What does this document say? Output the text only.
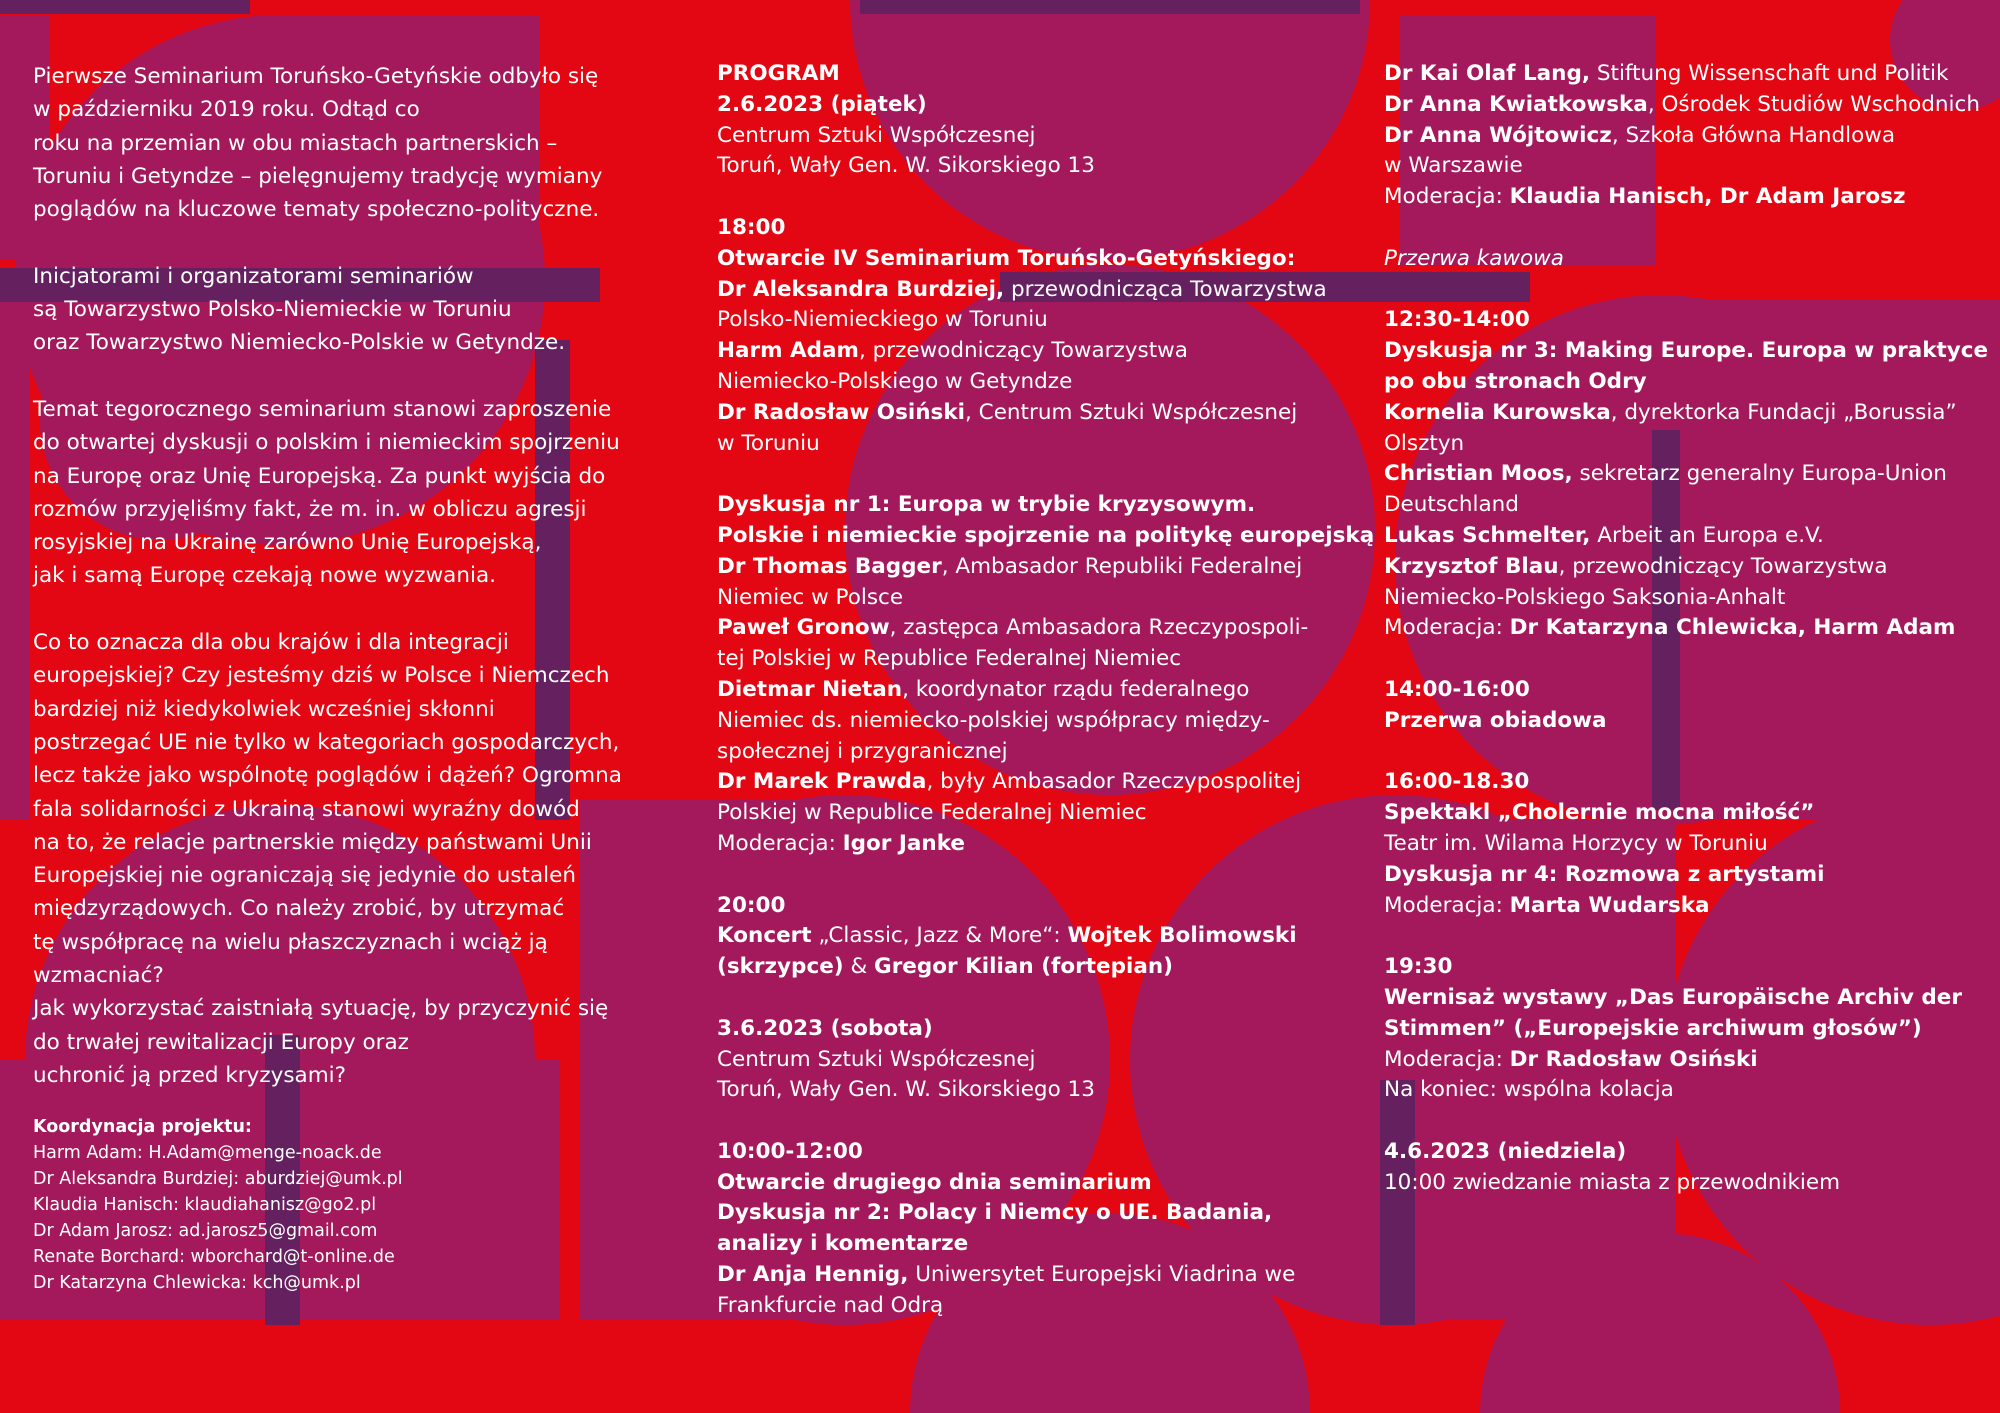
Pierwsze Seminarium Toruńsko-Getyńskie odbyło się
w październiku 2019 roku. Odtąd co
roku na przemian w obu miastach partnerskich –
Toruniu i Getyndze – pielęgnujemy tradycję wymiany
poglądów na kluczowe tematy społeczno-polityczne.
Inicjatorami i organizatorami seminariów
są Towarzystwo Polsko-Niemieckie w Toruniu
oraz Towarzystwo Niemiecko-Polskie w Getyndze.
Temat tegorocznego seminarium stanowi zaproszenie
do otwartej dyskusji o polskim i niemieckim spojrzeniu
na Europę oraz Unię Europejską. Za punkt wyjścia do
rozmów przyjęliśmy fakt, że m. in. w obliczu agresji
rosyjskiej na Ukrainę zarówno Unię Europejską,
jak i samą Europę czekają nowe wyzwania.
Co to oznacza dla obu krajów i dla integracji
europejskiej? Czy jesteśmy dziś w Polsce i Niemczech
bardziej niż kiedykolwiek wcześniej skłonni
postrzegać UE nie tylko w kategoriach gospodarczych,
lecz także jako wspólnotę poglądów i dążeń? Ogromna
fala solidarności z Ukrainą stanowi wyraźny dowód
na to, że relacje partnerskie między państwami Unii
Europejskiej nie ograniczają się jedynie do ustaleń
międzyrządowych. Co należy zrobić, by utrzymać
tę współpracę na wielu płaszczyznach i wciąż ją
wzmacniać?
Jak wykorzystać zaistniałą sytuację, by przyczynić się
do trwałej rewitalizacji Europy oraz
uchronić ją przed kryzysami?
Koordynacja projektu:
Harm Adam: H.Adam@menge-noack.de
Dr Aleksandra Burdziej: aburdziej@umk.pl
Klaudia Hanisch: klaudiahanisz@go2.pl
Dr Adam Jarosz: ad.jarosz5@gmail.com
Renate Borchard: wborchard@t-online.de
Dr Katarzyna Chlewicka: kch@umk.pl
PROGRAM
2.6.2023 (piątek)
Centrum Sztuki Współczesnej
Toruń, Wały Gen. W. Sikorskiego 13
18:00
Otwarcie IV Seminarium Toruńsko-Getyńskiego:
Dr Aleksandra Burdziej, przewodnicząca Towarzystwa
Polsko-Niemieckiego w Toruniu
Harm Adam, przewodniczący Towarzystwa
Niemiecko-Polskiego w Getyndze
Dr Radosław Osiński, Centrum Sztuki Współczesnej
w Toruniu
Dyskusja nr 1: Europa w trybie kryzysowym.
Polskie i niemieckie spojrzenie na politykę europejską
Dr Thomas Bagger, Ambasador Republiki Federalnej
Niemiec w Polsce
Paweł Gronow, zastępca Ambasadora Rzeczypospoli-
tej Polskiej w Republice Federalnej Niemiec
Dietmar Nietan, koordynator rządu federalnego
Niemiec ds. niemiecko-polskiej współpracy między-
społecznej i przygranicznej
Dr Marek Prawda, były Ambasador Rzeczypospolitej
Polskiej w Republice Federalnej Niemiec
Moderacja: Igor Janke
20:00
Koncert „Classic, Jazz & More“: Wojtek Bolimowski
(skrzypce) & Gregor Kilian (fortepian)
3.6.2023 (sobota)
Centrum Sztuki Współczesnej
Toruń, Wały Gen. W. Sikorskiego 13
10:00-12:00
Otwarcie drugiego dnia seminarium
Dyskusja nr 2: Polacy i Niemcy o UE. Badania,
analizy i komentarze
Dr Anja Hennig, Uniwersytet Europejski Viadrina we
Frankfurcie nad Odrą
Dr Kai Olaf Lang, Stiftung Wissenschaft und Politik
Dr Anna Kwiatkowska, Ośrodek Studiów Wschodnich
Dr Anna Wójtowicz, Szkoła Główna Handlowa
w Warszawie
Moderacja: Klaudia Hanisch, Dr Adam Jarosz
Przerwa kawowa
12:30-14:00
Dyskusja nr 3: Making Europe. Europa w praktyce
po obu stronach Odry
Kornelia Kurowska, dyrektorka Fundacji „Borussia”
Olsztyn
Christian Moos, sekretarz generalny Europa-Union
Deutschland
Lukas Schmelter, Arbeit an Europa e.V.
Krzysztof Blau, przewodniczący Towarzystwa
Niemiecko-Polskiego Saksonia-Anhalt
Moderacja: Dr Katarzyna Chlewicka, Harm Adam
14:00-16:00
Przerwa obiadowa
16:00-18.30
Spektakl „Cholernie mocna miłość”
Teatr im. Wilama Horzycy w Toruniu
Dyskusja nr 4: Rozmowa z artystami
Moderacja: Marta Wudarska
19:30
Wernisaż wystawy „Das Europäische Archiv der
Stimmen” („Europejskie archiwum głosów”)
Moderacja: Dr Radosław Osiński
Na koniec: wspólna kolacja
4.6.2023 (niedziela)
10:00 zwiedzanie miasta z przewodnikiem
